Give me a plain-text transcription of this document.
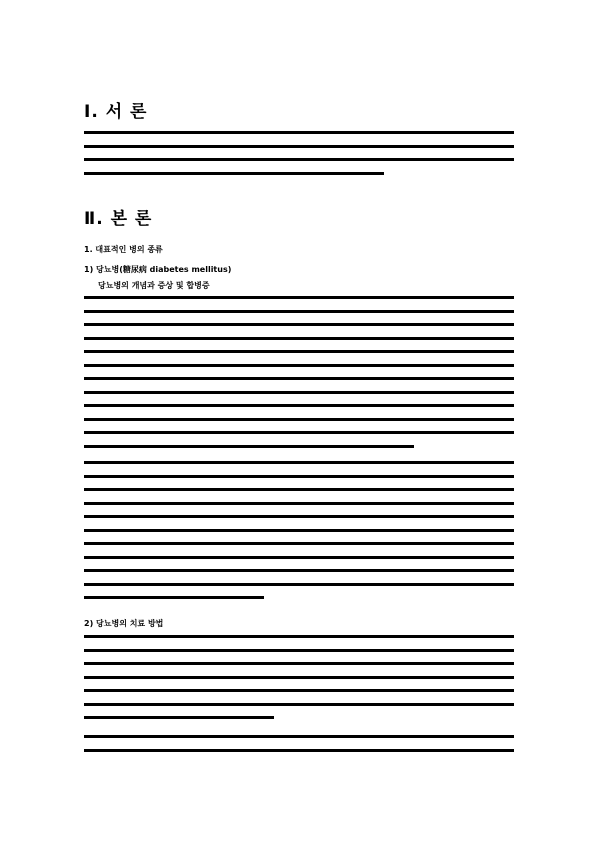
Ⅰ. 서 론
Ⅱ. 본 론
1. 대표적인 병의 종류
1) 당뇨병(糖尿病 diabetes mellitus)
당뇨병의 개념과 증상 및 합병증
2) 당뇨병의 치료 방법
